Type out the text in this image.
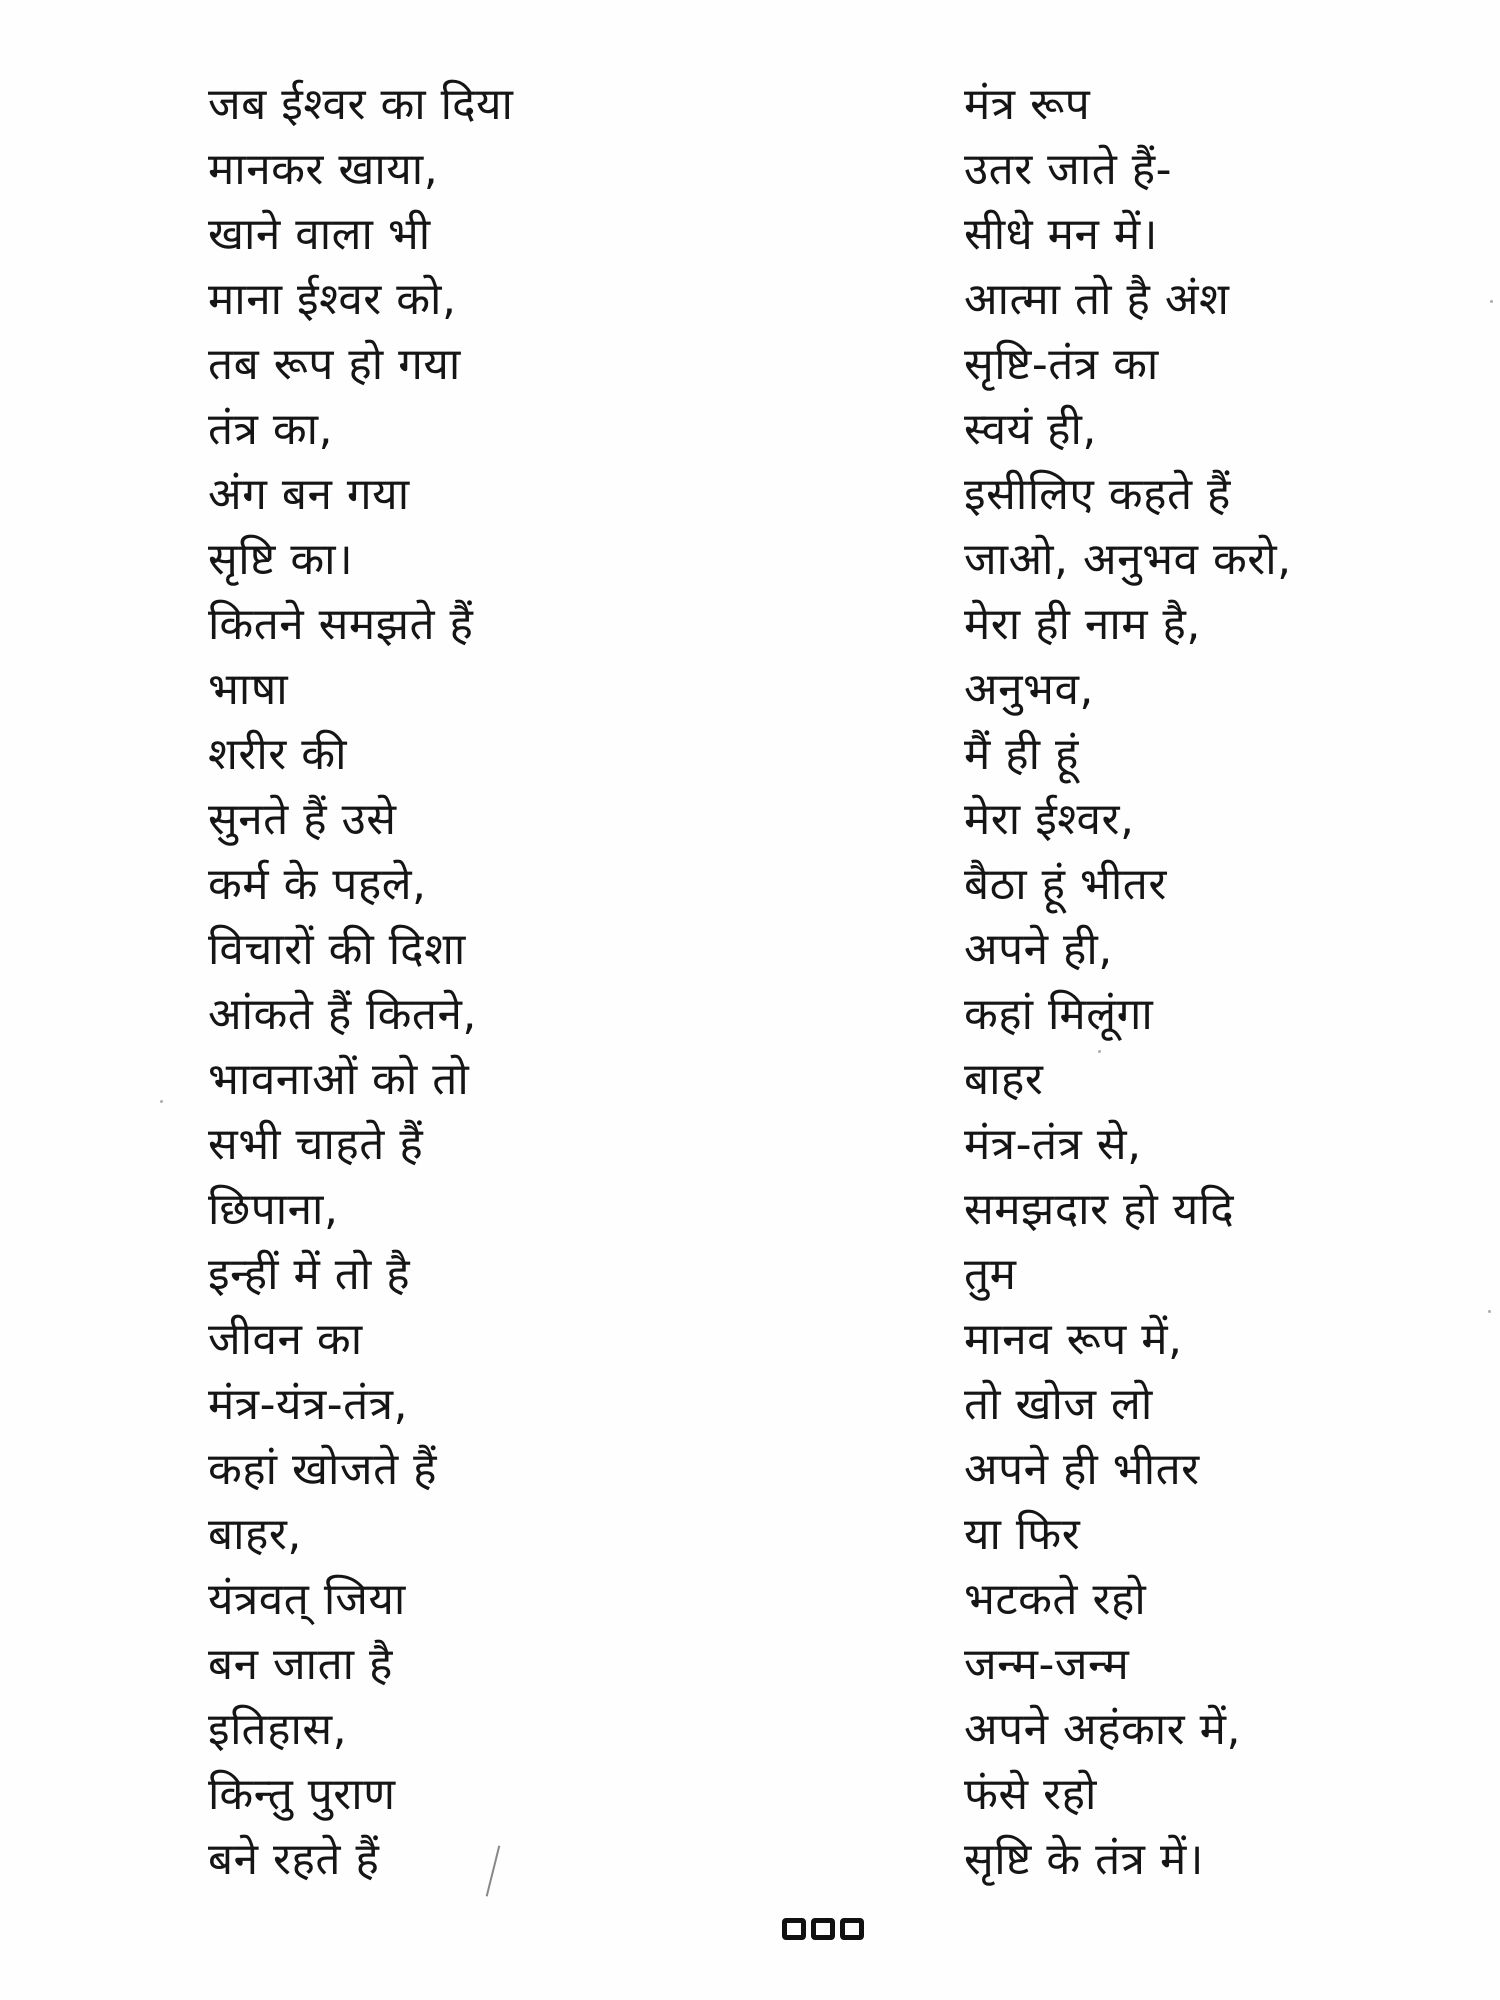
जब ईश्वर का दिया
मानकर खाया,
खाने वाला भी
माना ईश्वर को,
तब रूप हो गया
तंत्र का,
अंग बन गया
सृष्टि का।
कितने समझते हैं
भाषा
शरीर की
सुनते हैं उसे
कर्म के पहले,
विचारों की दिशा
आंकते हैं कितने,
भावनाओं को तो
सभी चाहते हैं
छिपाना,
इन्हीं में तो है
जीवन का
मंत्र-यंत्र-तंत्र,
कहां खोजते हैं
बाहर,
यंत्रवत् जिया
बन जाता है
इतिहास,
किन्तु पुराण
बने रहते हैं
मंत्र रूप
उतर जाते हैं-
सीधे मन में।
आत्मा तो है अंश
सृष्टि-तंत्र का
स्वयं ही,
इसीलिए कहते हैं
जाओ, अनुभव करो,
मेरा ही नाम है,
अनुभव,
मैं ही हूं
मेरा ईश्वर,
बैठा हूं भीतर
अपने ही,
कहां मिलूंगा
बाहर
मंत्र-तंत्र से,
समझदार हो यदि
तुम
मानव रूप में,
तो खोज लो
अपने ही भीतर
या फिर
भटकते रहो
जन्म-जन्म
अपने अहंकार में,
फंसे रहो
सृष्टि के तंत्र में।
